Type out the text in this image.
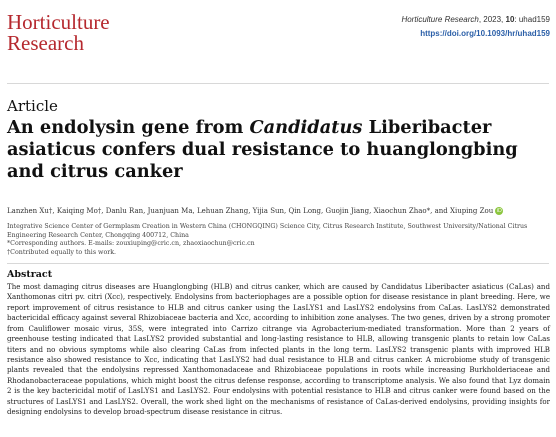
Horticulture
Research
Horticulture Research, 2023, 10: uhad159
https://doi.org/10.1093/hr/uhad159
Article
An endolysin gene from Candidatus Liberibacter asiaticus confers dual resistance to huanglongbing and citrus canker
Lanzhen Xu†, Kaiqing Mo†, Danlu Ran, Juanjuan Ma, Lehuan Zhang, Yijia Sun, Qin Long, Guojin Jiang, Xiaochun Zhao*, and Xiuping Zou iD
Integrative Science Center of Germplasm Creation in Western China (CHONGQING) Science City, Citrus Research Institute, Southwest University/National Citrus Engineering Research Center, Chongqing 400712, China
*Corresponding authors. E-mails: zouxiuping@cric.cn, zhaoxiaochun@cric.cn
†Contributed equally to this work.
Abstract

The most damaging citrus diseases are Huanglongbing (HLB) and citrus canker, which are caused by Candidatus Liberibacter asiaticus (CaLas) and Xanthomonas citri pv. citri (Xcc), respectively. Endolysins from bacteriophages are a possible option for disease resistance in plant breeding. Here, we report improvement of citrus resistance to HLB and citrus canker using the LasLYS1 and LasLYS2 endolysins from CaLas. LasLYS2 demonstrated bactericidal efficacy against several Rhizobiaceae bacteria and Xcc, according to inhibition zone analyses. The two genes, driven by a strong promoter from Cauliflower mosaic virus, 35S, were integrated into Carrizo citrange via Agrobacterium-mediated transformation. More than 2 years of greenhouse testing indicated that LasLYS2 provided substantial and long-lasting resistance to HLB, allowing transgenic plants to retain low CaLas titers and no obvious symptoms while also clearing CaLas from infected plants in the long term. LasLYS2 transgenic plants with improved HLB resistance also showed resistance to Xcc, indicating that LasLYS2 had dual resistance to HLB and citrus canker. A microbiome study of transgenic plants revealed that the endolysins repressed Xanthomonadaceae and Rhizobiaceae populations in roots while increasing Burkholderiaceae and Rhodanobacteraceae populations, which might boost the citrus defense response, according to transcriptome analysis. We also found that Lyz domain 2 is the key bactericidal motif of LasLYS1 and LasLYS2. Four endolysins with potential resistance to HLB and citrus canker were found based on the structures of LasLYS1 and LasLYS2. Overall, the work shed light on the mechanisms of resistance of CaLas-derived endolysins, providing insights for designing endolysins to develop broad-spectrum disease resistance in citrus.
